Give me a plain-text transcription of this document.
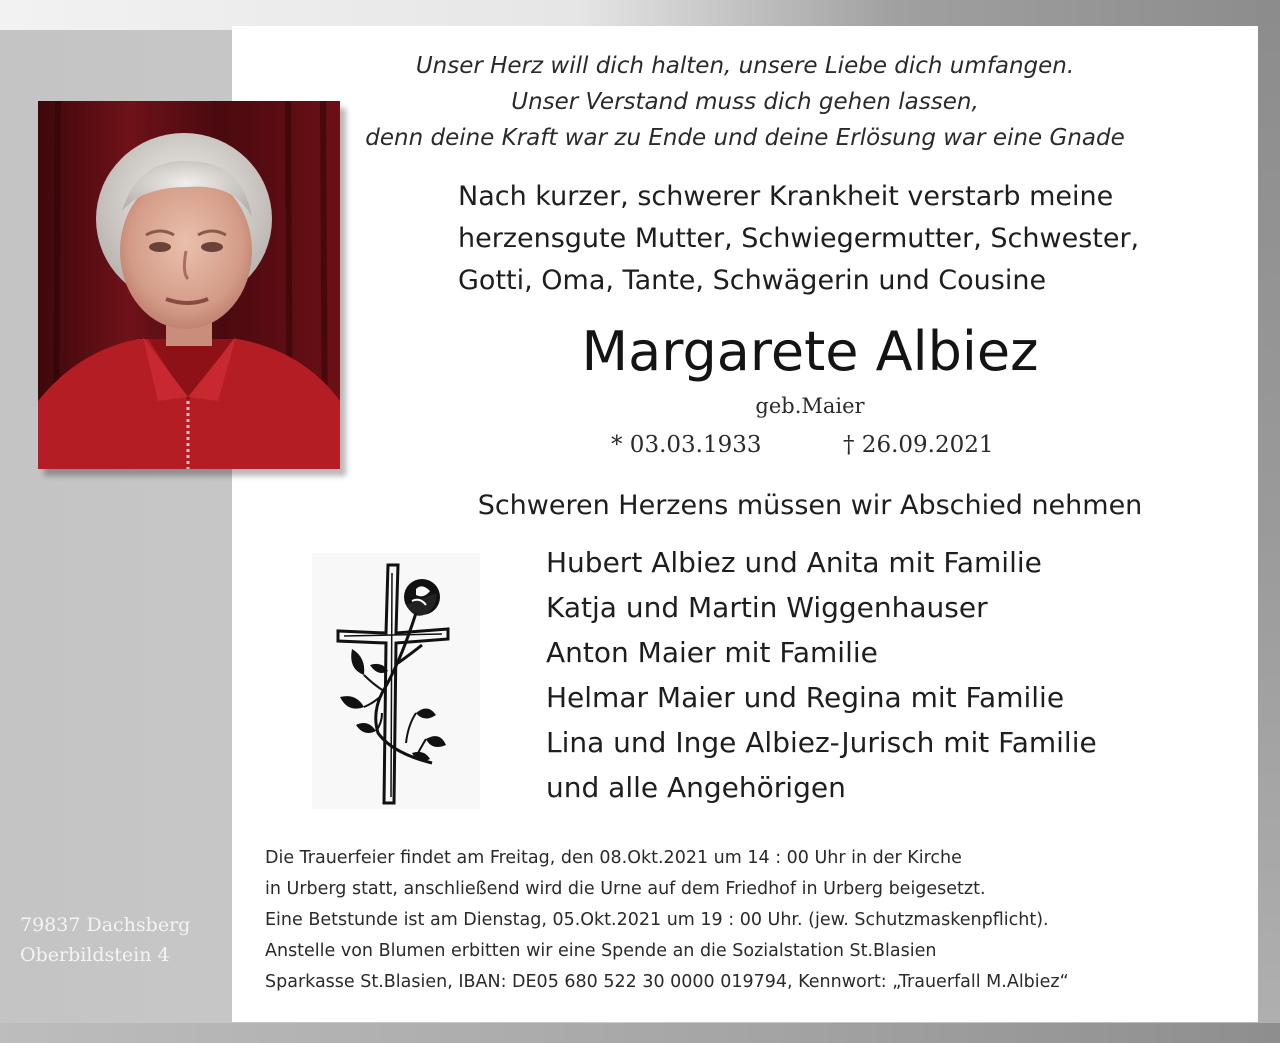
Unser Herz will dich halten, unsere Liebe dich umfangen.
Unser Verstand muss dich gehen lassen,
denn deine Kraft war zu Ende und deine Erlösung war eine Gnade
Nach kurzer, schwerer Krankheit verstarb meine
herzensgute Mutter, Schwiegermutter, Schwester,
Gotti, Oma, Tante, Schwägerin und Cousine
Margarete Albiez
geb.Maier
* 03.03.1933	† 26.09.2021
Schweren Herzens müssen wir Abschied nehmen
Hubert Albiez und Anita mit Familie
Katja und Martin Wiggenhauser
Anton Maier mit Familie
Helmar Maier und Regina mit Familie
Lina und Inge Albiez-Jurisch mit Familie
und alle Angehörigen
Die Trauerfeier findet am Freitag, den 08.Okt.2021 um 14 : 00 Uhr in der Kirche
in Urberg statt, anschließend wird die Urne auf dem Friedhof in Urberg beigesetzt.
Eine Betstunde ist am Dienstag, 05.Okt.2021 um 19 : 00 Uhr. (jew. Schutzmaskenpflicht).
Anstelle von Blumen erbitten wir eine Spende an die Sozialstation St.Blasien
Sparkasse St.Blasien, IBAN: DE05 680 522 30 0000 019794, Kennwort: „Trauerfall M.Albiez“
79837 Dachsberg
Oberbildstein 4
